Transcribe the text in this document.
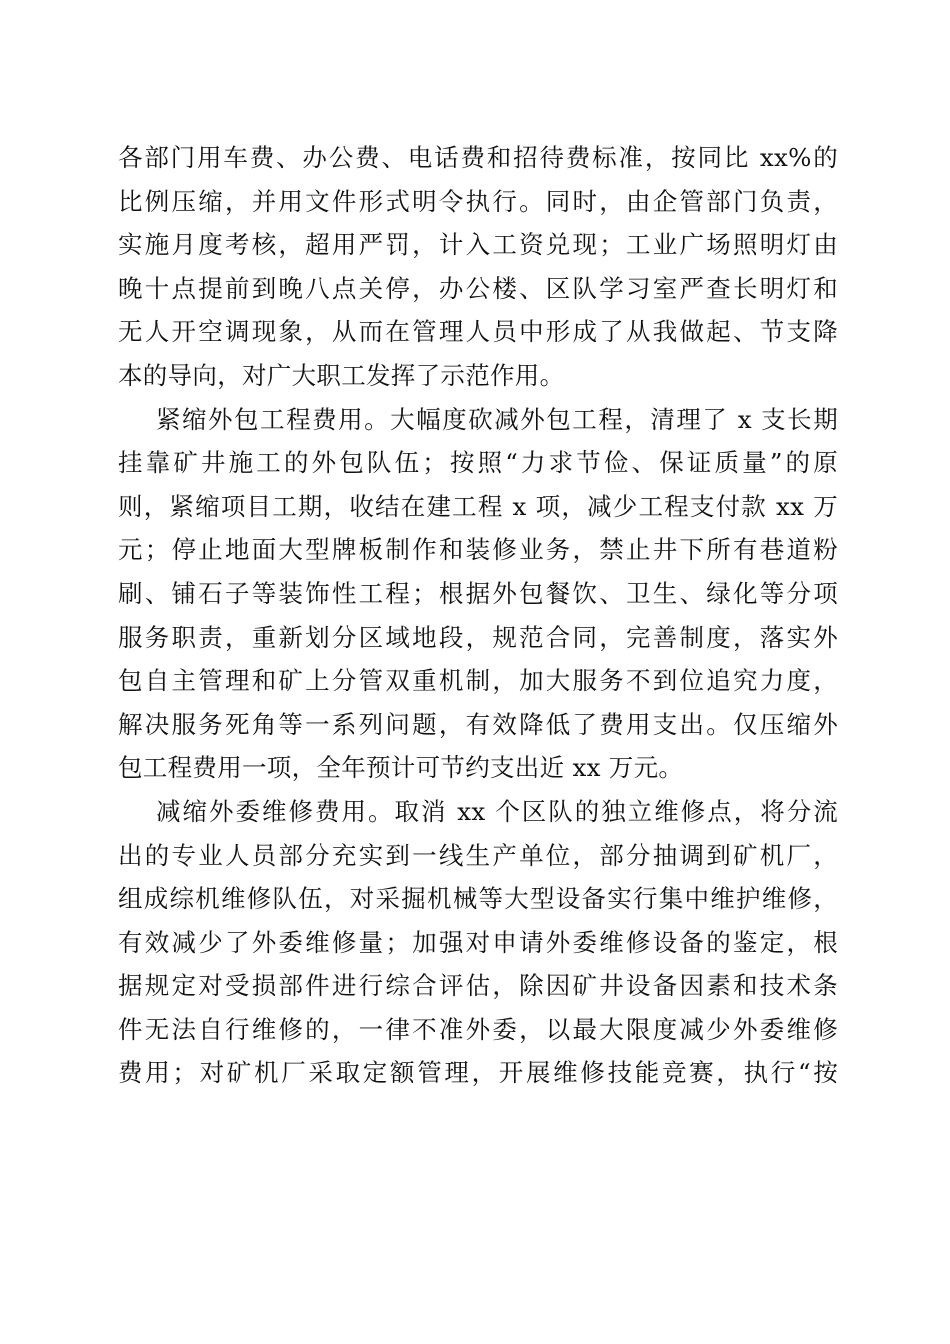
各部门用车费、办公费、电话费和招待费标准，按同比 xx%的
比例压缩，并用文件形式明令执行。同时，由企管部门负责，
实施月度考核，超用严罚，计入工资兑现；工业广场照明灯由
晚十点提前到晚八点关停，办公楼、区队学习室严查长明灯和
无人开空调现象，从而在管理人员中形成了从我做起、节支降
本的导向，对广大职工发挥了示范作用。
紧缩外包工程费用。大幅度砍减外包工程，清理了 x 支长期
挂靠矿井施工的外包队伍；按照“力求节俭、保证质量”的原
则，紧缩项目工期，收结在建工程 x 项，减少工程支付款 xx 万
元；停止地面大型牌板制作和装修业务，禁止井下所有巷道粉
刷、铺石子等装饰性工程；根据外包餐饮、卫生、绿化等分项
服务职责，重新划分区域地段，规范合同，完善制度，落实外
包自主管理和矿上分管双重机制，加大服务不到位追究力度，
解决服务死角等一系列问题，有效降低了费用支出。仅压缩外
包工程费用一项，全年预计可节约支出近 xx 万元。
减缩外委维修费用。取消 xx 个区队的独立维修点，将分流
出的专业人员部分充实到一线生产单位，部分抽调到矿机厂，
组成综机维修队伍，对采掘机械等大型设备实行集中维护维修，
有效减少了外委维修量；加强对申请外委维修设备的鉴定，根
据规定对受损部件进行综合评估，除因矿井设备因素和技术条
件无法自行维修的，一律不准外委，以最大限度减少外委维修
费用；对矿机厂采取定额管理，开展维修技能竞赛，执行“按
